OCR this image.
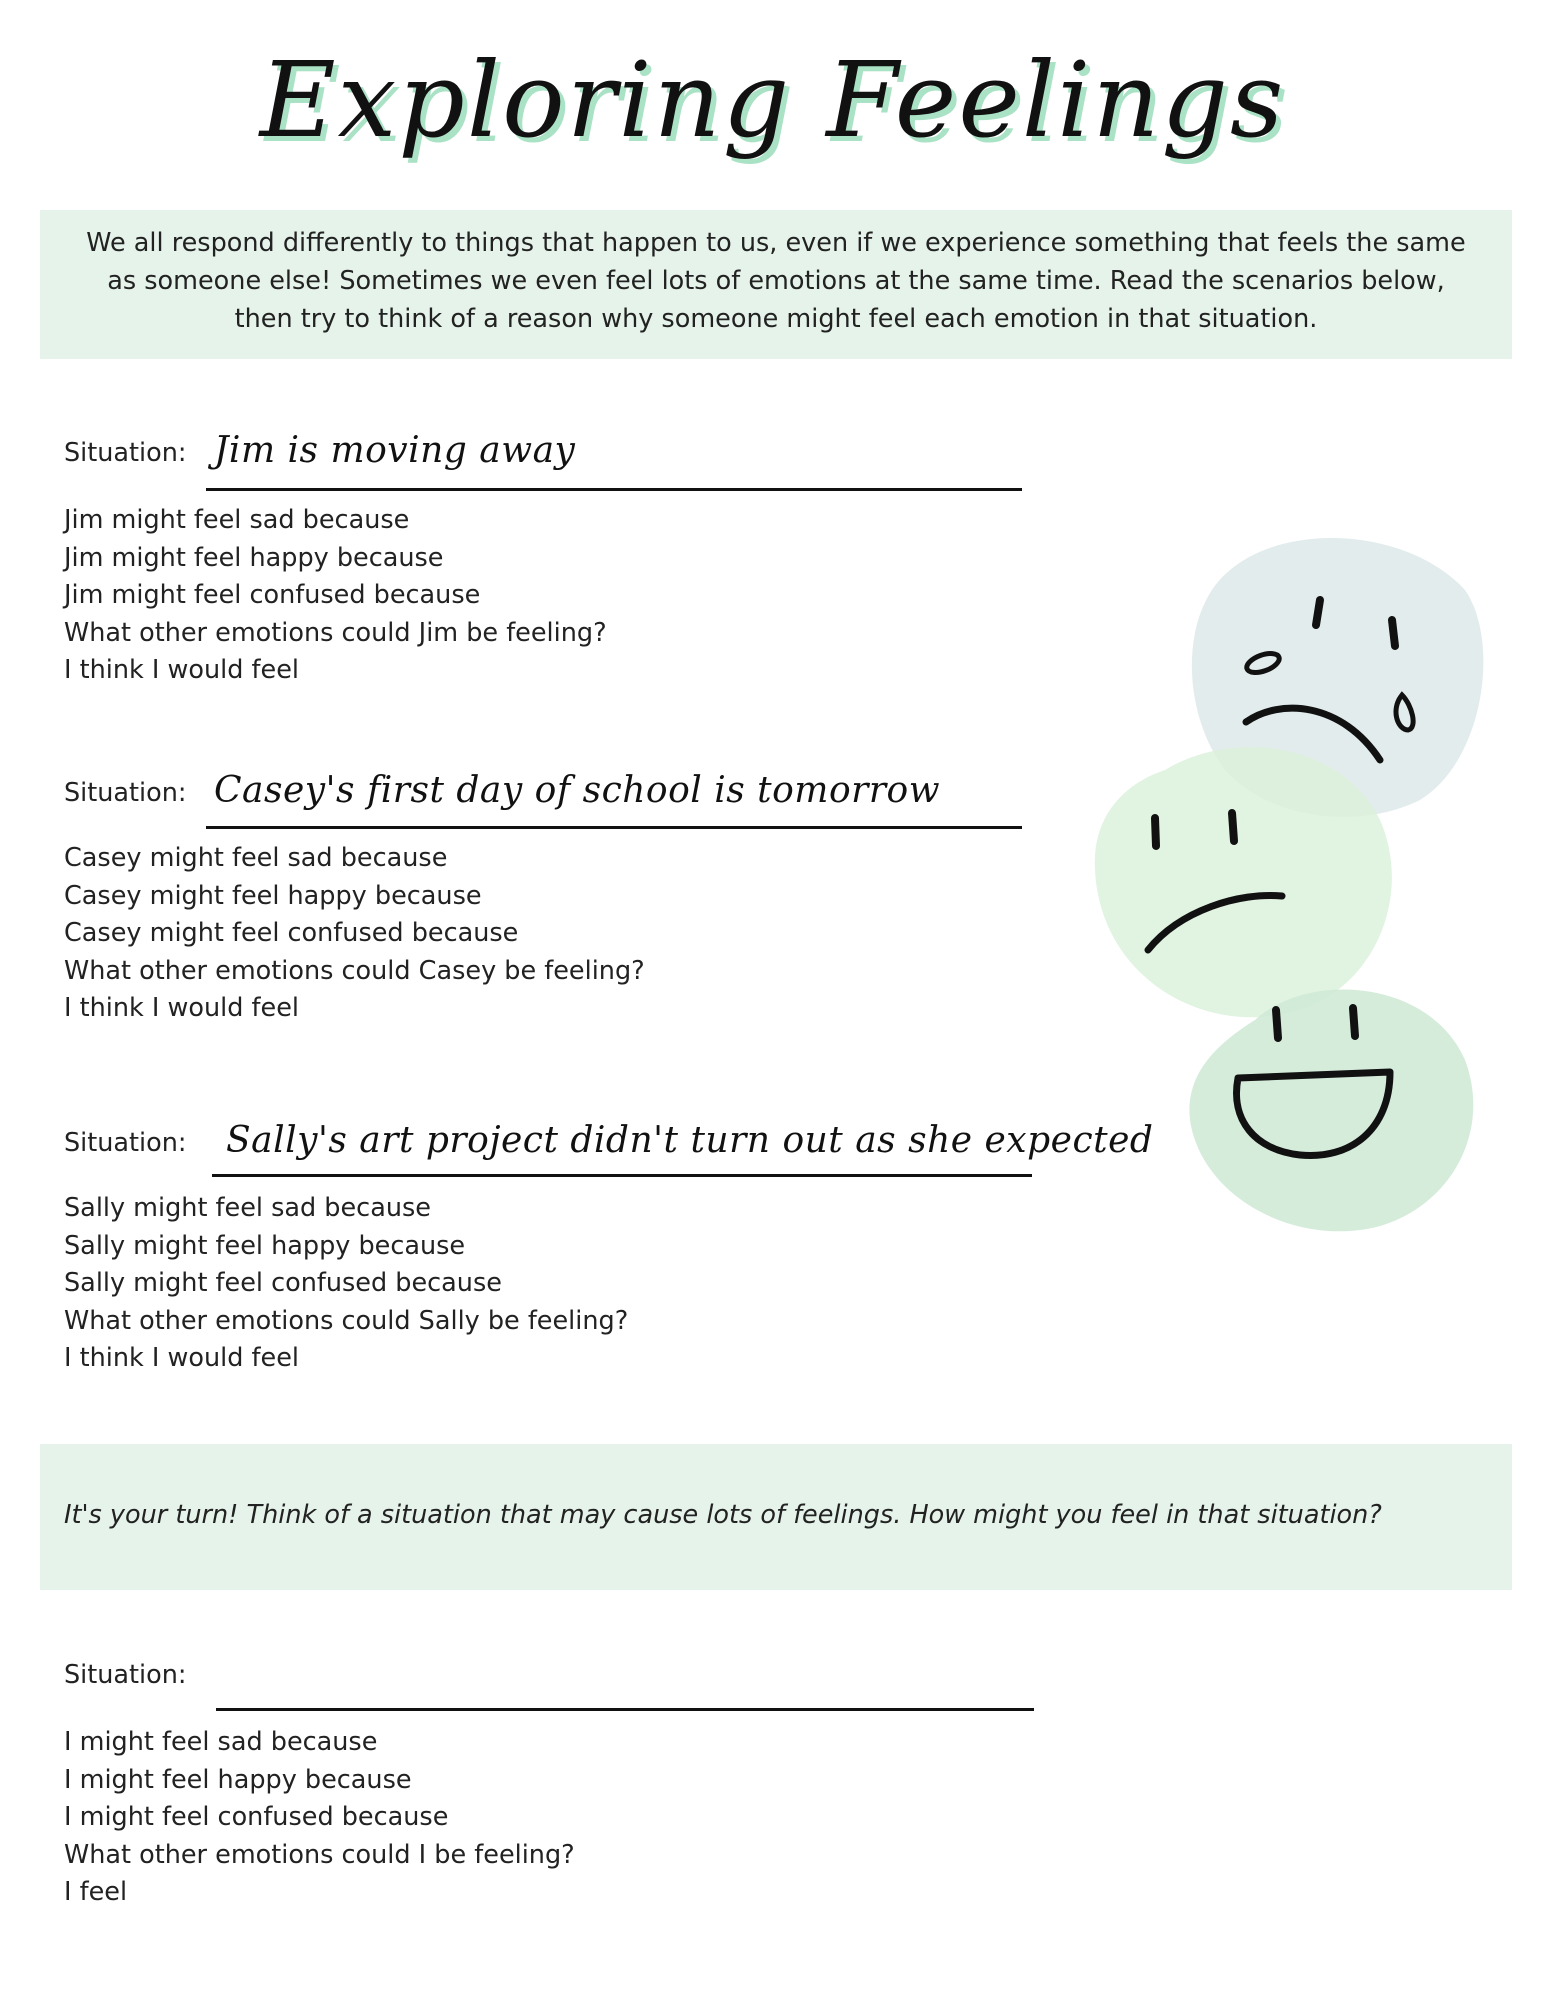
Exploring Feelings
We all respond differently to things that happen to us, even if we experience something that feels the same as someone else! Sometimes we even feel lots of emotions at the same time. Read the scenarios below, then try to think of a reason why someone might feel each emotion in that situation.
Situation: Jim is moving away
Jim might feel sad because
Jim might feel happy because
Jim might feel confused because
What other emotions could Jim be feeling?
I think I would feel
Situation: Casey's first day of school is tomorrow
Casey might feel sad because
Casey might feel happy because
Casey might feel confused because
What other emotions could Casey be feeling?
I think I would feel
Situation: Sally's art project didn't turn out as she expected
Sally might feel sad because
Sally might feel happy because
Sally might feel confused because
What other emotions could Sally be feeling?
I think I would feel
It's your turn! Think of a situation that may cause lots of feelings. How might you feel in that situation?
Situation:
I might feel sad because
I might feel happy because
I might feel confused because
What other emotions could I be feeling?
I feel
